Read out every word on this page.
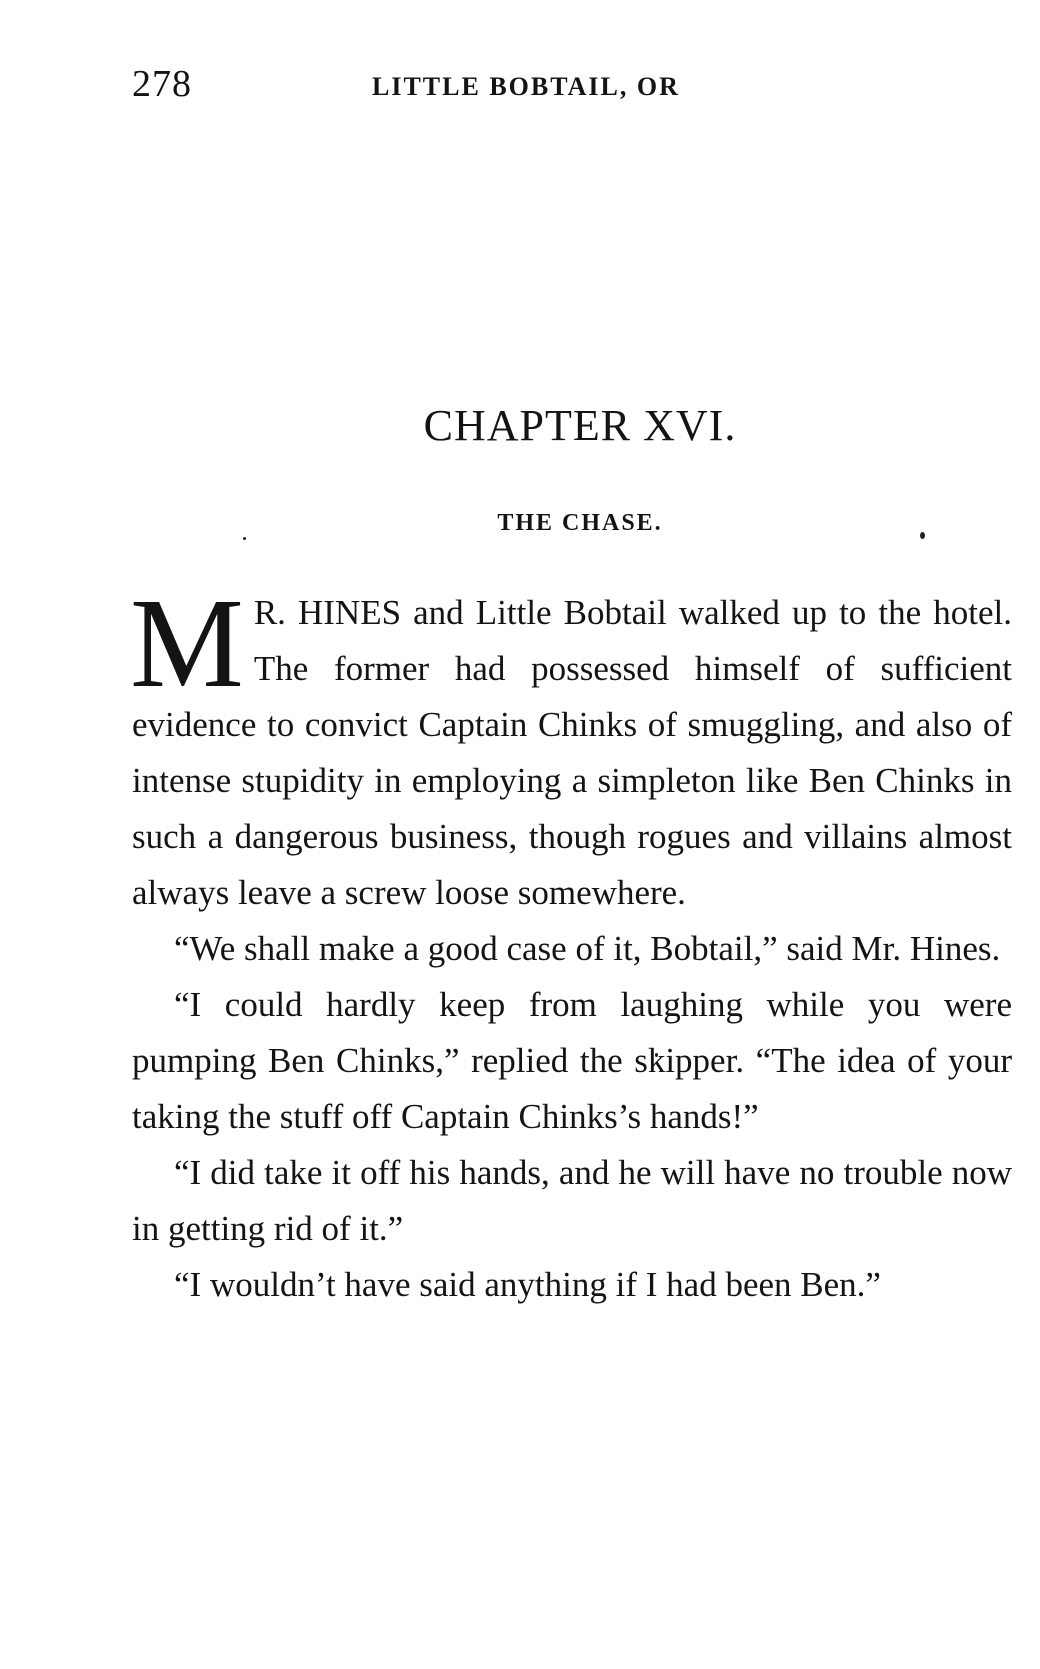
278	LITTLE BOBTAIL, OR
CHAPTER XVI.
THE CHASE.

M R. HINES and Little Bobtail walked up to the hotel. The former had possessed himself of sufficient evidence to convict Captain Chinks of smuggling, and also of intense stupidity in employing a simpleton like Ben Chinks in such a dangerous business, though rogues and villains almost always leave a screw loose somewhere.

“We shall make a good case of it, Bobtail,” said Mr. Hines.

“I could hardly keep from laughing while you were pumping Ben Chinks,” replied the skipper. “The idea of your taking the stuff off Captain Chinks’s hands!”

“I did take it off his hands, and he will have no trouble now in getting rid of it.”

“I wouldn’t have said anything if I had been Ben.”
